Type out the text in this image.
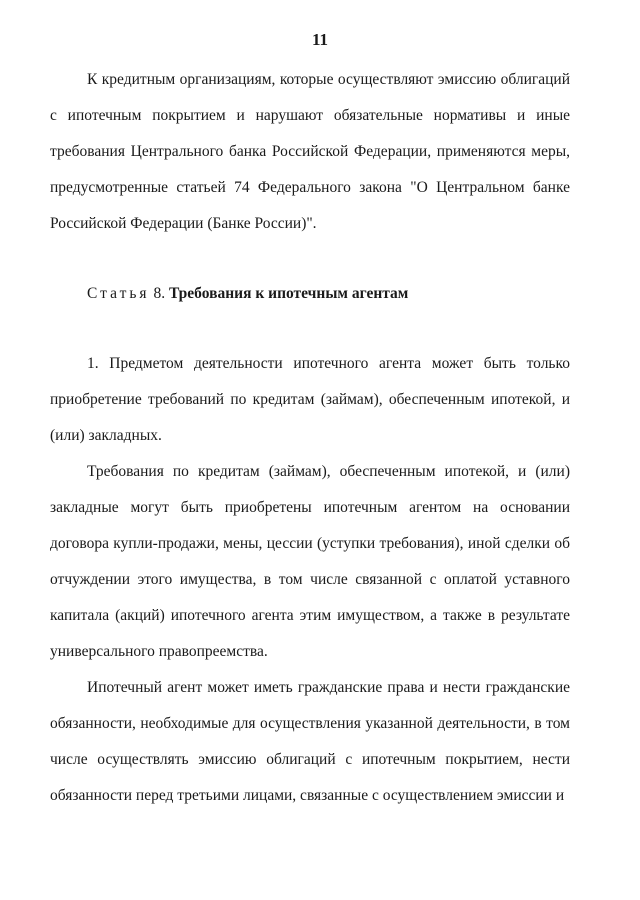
11

К кредитным организациям, которые осуществляют эмиссию облигаций с ипотечным покрытием и нарушают обязательные нормативы и иные требования Центрального банка Российской Федерации, применяются меры, предусмотренные статьей 74 Федерального закона "О Центральном банке Российской Федерации (Банке России)".

Статья 8. Требования к ипотечным агентам

1. Предметом деятельности ипотечного агента может быть только приобретение требований по кредитам (займам), обеспеченным ипотекой, и (или) закладных.

Требования по кредитам (займам), обеспеченным ипотекой, и (или) закладные могут быть приобретены ипотечным агентом на основании договора купли-продажи, мены, цессии (уступки требования), иной сделки об отчуждении этого имущества, в том числе связанной с оплатой уставного капитала (акций) ипотечного агента этим имуществом, а также в результате универсального правопреемства.

Ипотечный агент может иметь гражданские права и нести гражданские обязанности, необходимые для осуществления указанной деятельности, в том числе осуществлять эмиссию облигаций с ипотечным покрытием, нести обязанности перед третьими лицами, связанные с осуществлением эмиссии и
